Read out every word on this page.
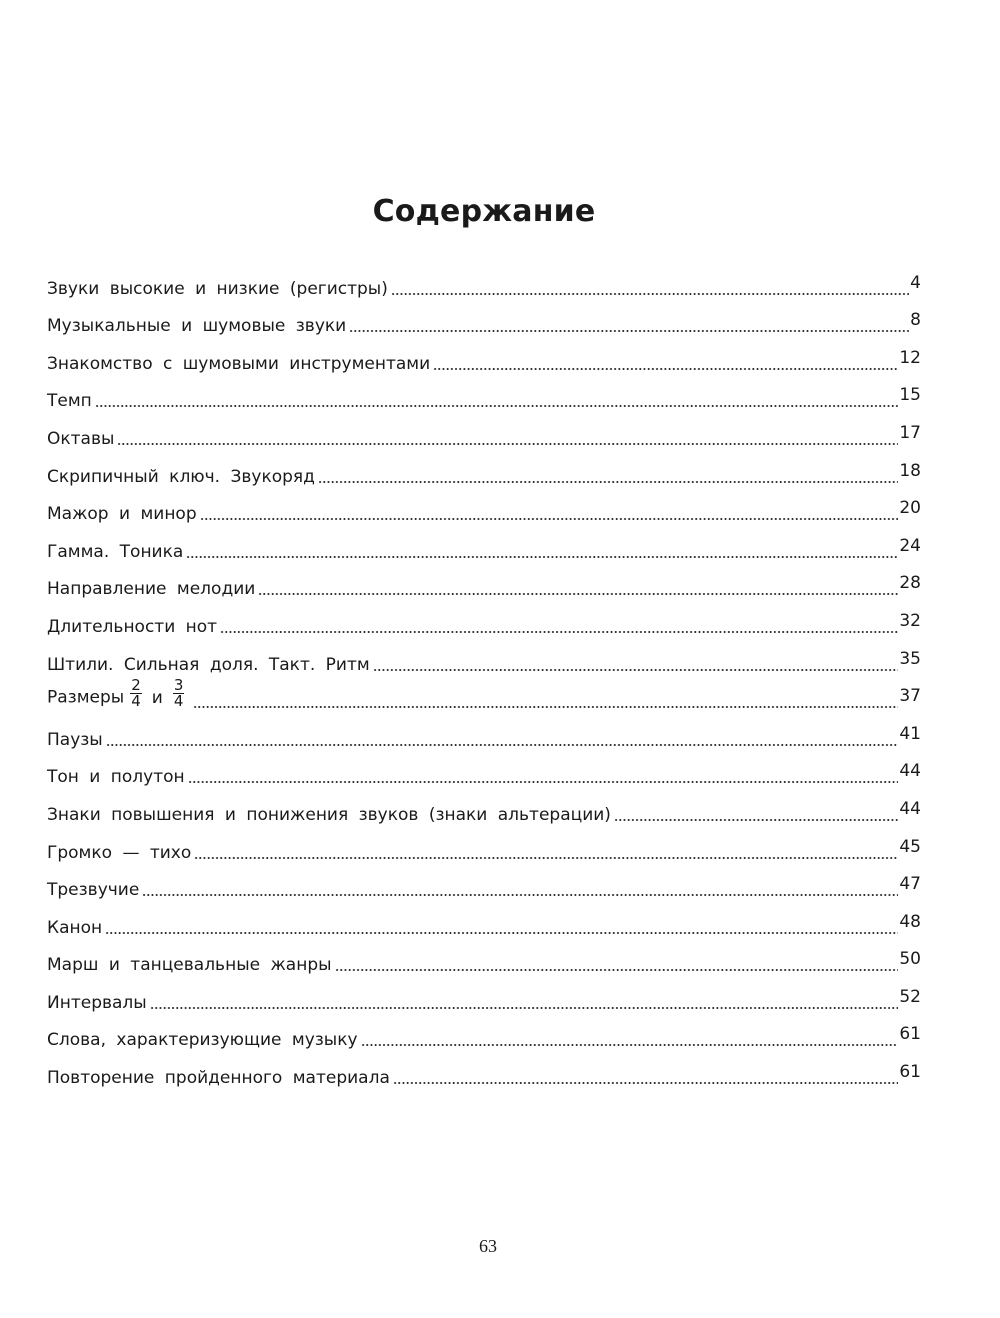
Содержание
Звуки высокие и низкие (регистры)	4
Музыкальные и шумовые звуки	8
Знакомство с шумовыми инструментами	12
Темп	15
Октавы	17
Скрипичный ключ. Звукоряд	18
Мажор и минор	20
Гамма. Тоника	24
Направление мелодии	28
Длительности нот	32
Штили. Сильная доля. Такт. Ритм	35
Размеры $\frac{2}{4}$ и $\frac{3}{4}$	37
Паузы	41
Тон и полутон	44
Знаки повышения и понижения звуков (знаки альтерации)	44
Громко — тихо	45
Трезвучие	47
Канон	48
Марш и танцевальные жанры	50
Интервалы	52
Слова, характеризующие музыку	61
Повторение пройденного материала	61
63
